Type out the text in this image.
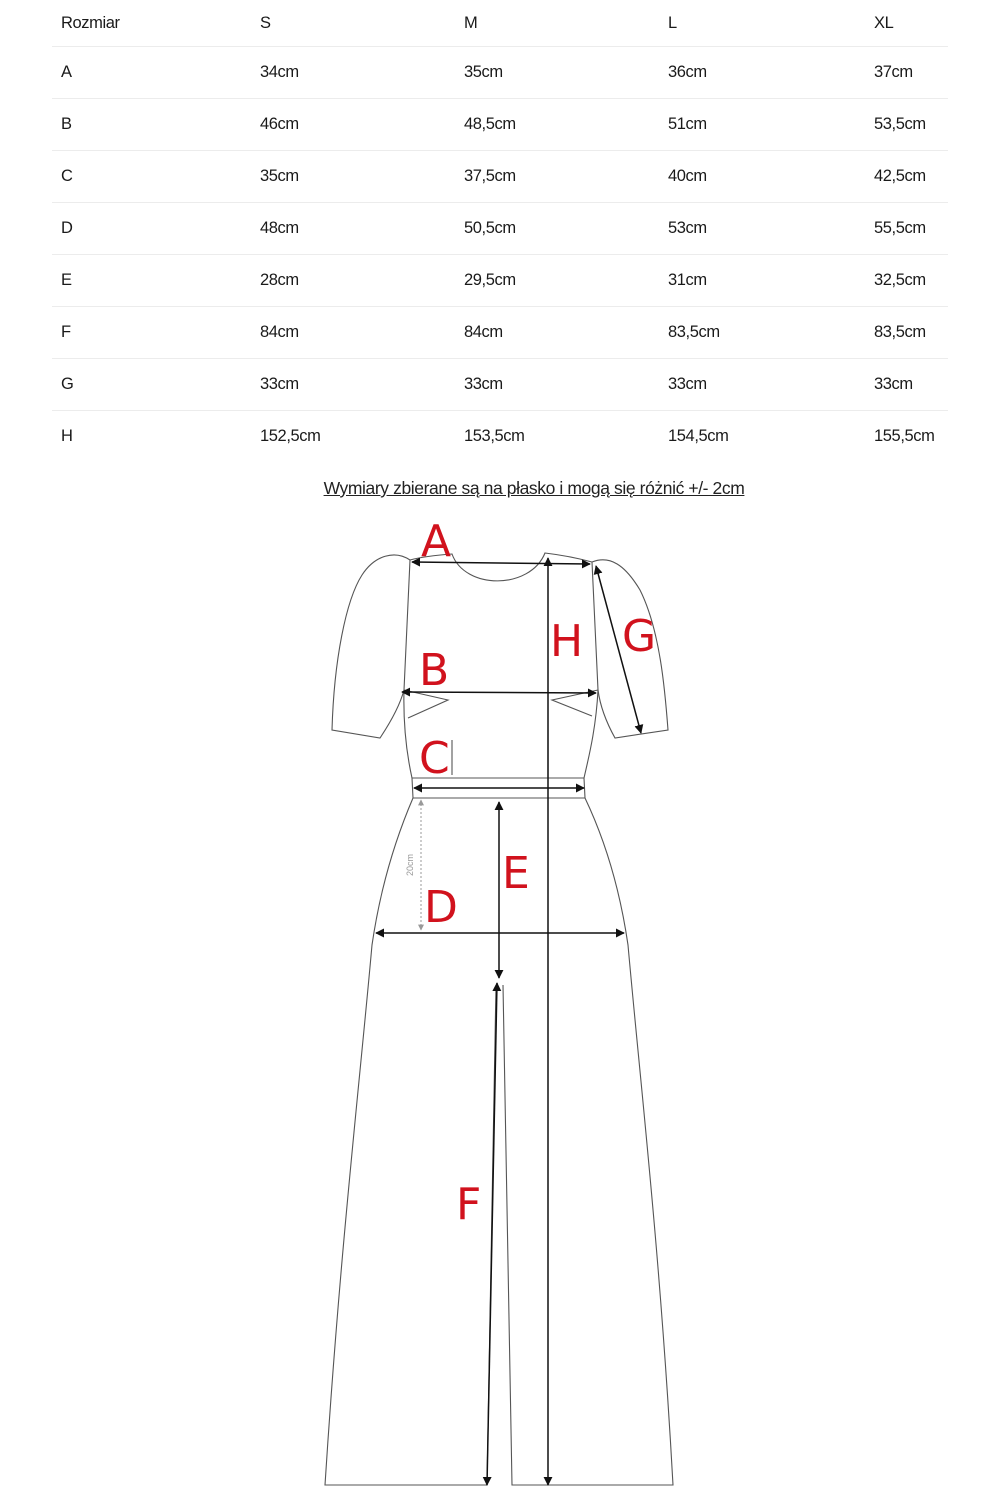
Rozmiar	S	M	L	XL
A	34cm	35cm	36cm	37cm
B	46cm	48,5cm	51cm	53,5cm
C	35cm	37,5cm	40cm	42,5cm
D	48cm	50,5cm	53cm	55,5cm
E	28cm	29,5cm	31cm	32,5cm
F	84cm	84cm	83,5cm	83,5cm
G	33cm	33cm	33cm	33cm
H	152,5cm	153,5cm	154,5cm	155,5cm
Wymiary zbierane są na płasko i mogą się różnić +/- 2cm
20cm
A
B
C
D
E
F
G
H
